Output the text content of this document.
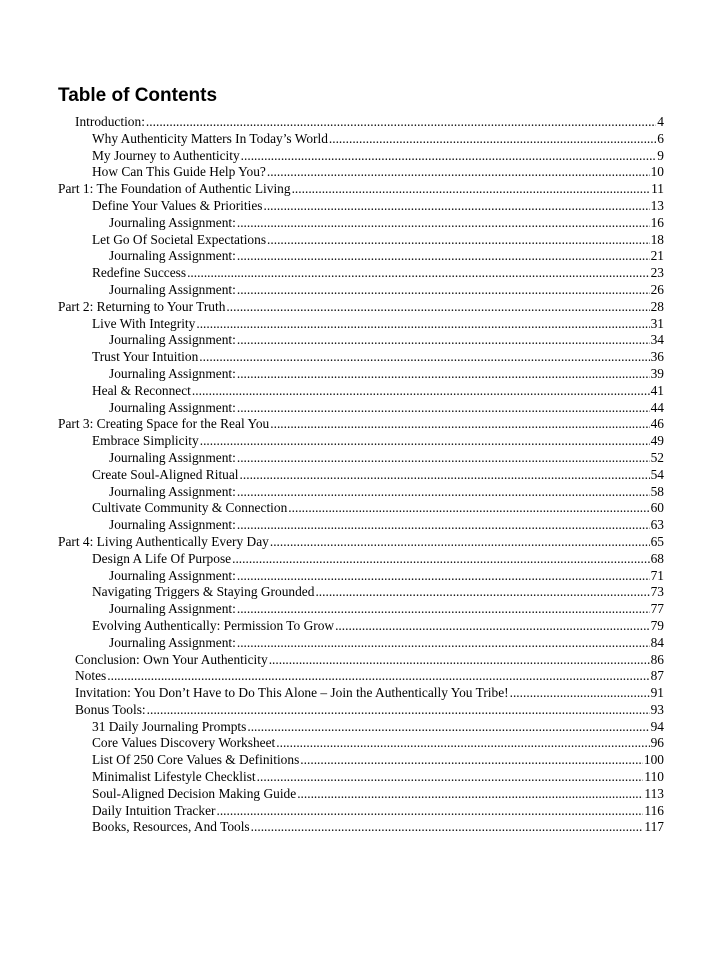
Table of Contents
Introduction: .....	4
Why Authenticity Matters In Today’s World .....	6
My Journey to Authenticity .....	9
How Can This Guide Help You? .....	10
Part 1: The Foundation of Authentic Living .....	11
Define Your Values & Priorities .....	13
Journaling Assignment: .....	16
Let Go Of Societal Expectations .....	18
Journaling Assignment: .....	21
Redefine Success .....	23
Journaling Assignment: .....	26
Part 2: Returning to Your Truth .....	28
Live With Integrity .....	31
Journaling Assignment: .....	34
Trust Your Intuition .....	36
Journaling Assignment: .....	39
Heal & Reconnect .....	41
Journaling Assignment: .....	44
Part 3: Creating Space for the Real You .....	46
Embrace Simplicity .....	49
Journaling Assignment: .....	52
Create Soul-Aligned Ritual .....	54
Journaling Assignment: .....	58
Cultivate Community & Connection .....	60
Journaling Assignment: .....	63
Part 4: Living Authentically Every Day .....	65
Design A Life Of Purpose .....	68
Journaling Assignment: .....	71
Navigating Triggers & Staying Grounded .....	73
Journaling Assignment: .....	77
Evolving Authentically: Permission To Grow .....	79
Journaling Assignment: .....	84
Conclusion: Own Your Authenticity .....	86
Notes .....	87
Invitation: You Don’t Have to Do This Alone – Join the Authentically You Tribe! .....	91
Bonus Tools: .....	93
31 Daily Journaling Prompts .....	94
Core Values Discovery Worksheet .....	96
List Of 250 Core Values & Definitions .....	100
Minimalist Lifestyle Checklist .....	110
Soul-Aligned Decision Making Guide .....	113
Daily Intuition Tracker .....	116
Books, Resources, And Tools .....	117
